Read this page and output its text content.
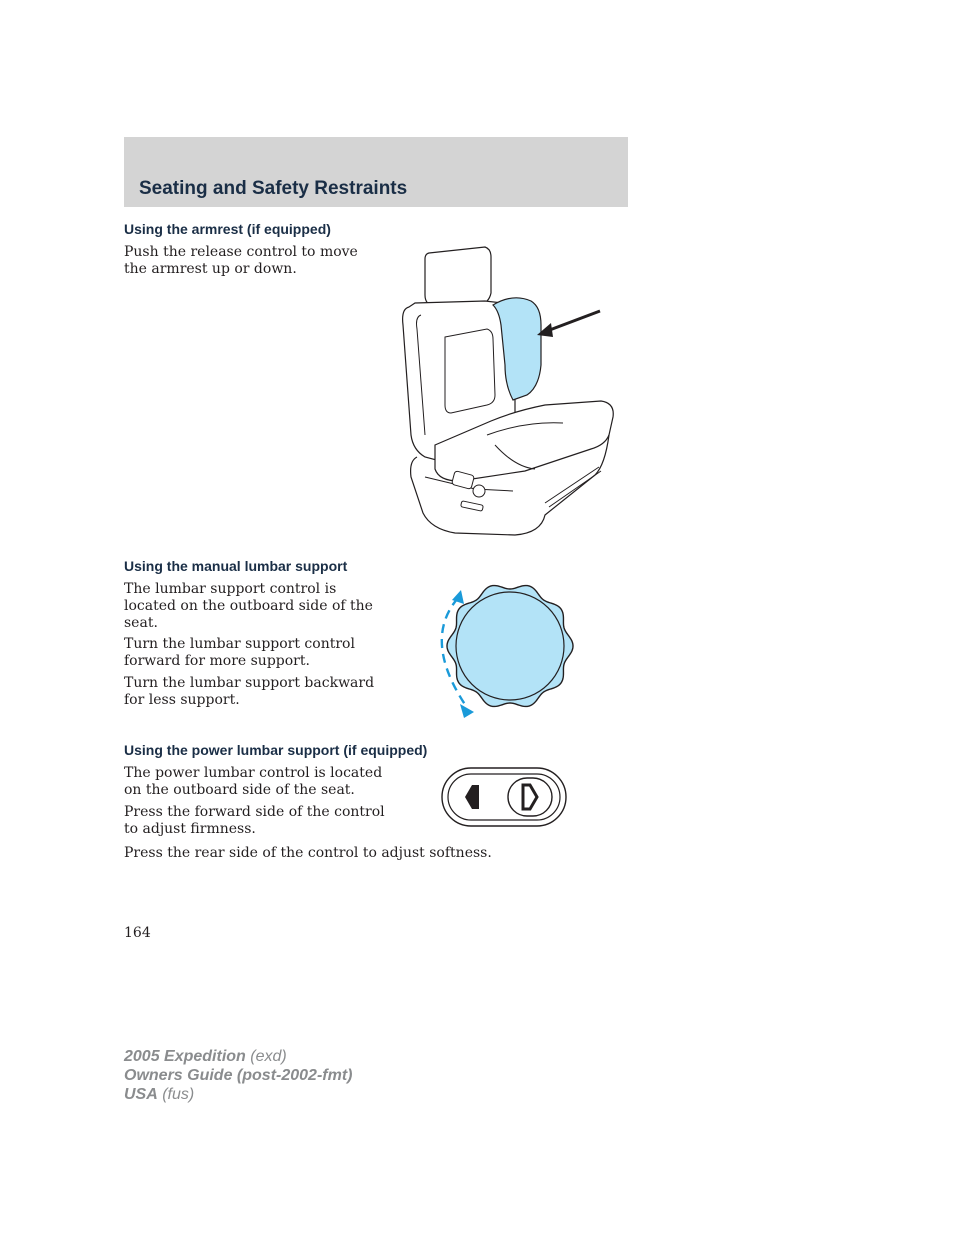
Seating and Safety Restraints
Using the armrest (if equipped)
Push the release control to move
the armrest up or down.
Using the manual lumbar support
The lumbar support control is
located on the outboard side of the
seat.
Turn the lumbar support control
forward for more support.
Turn the lumbar support backward
for less support.
Using the power lumbar support (if equipped)
The power lumbar control is located
on the outboard side of the seat.
Press the forward side of the control
to adjust firmness.
Press the rear side of the control to adjust softness.
164
2005 Expedition (exd)
Owners Guide (post-2002-fmt)
USA (fus)
